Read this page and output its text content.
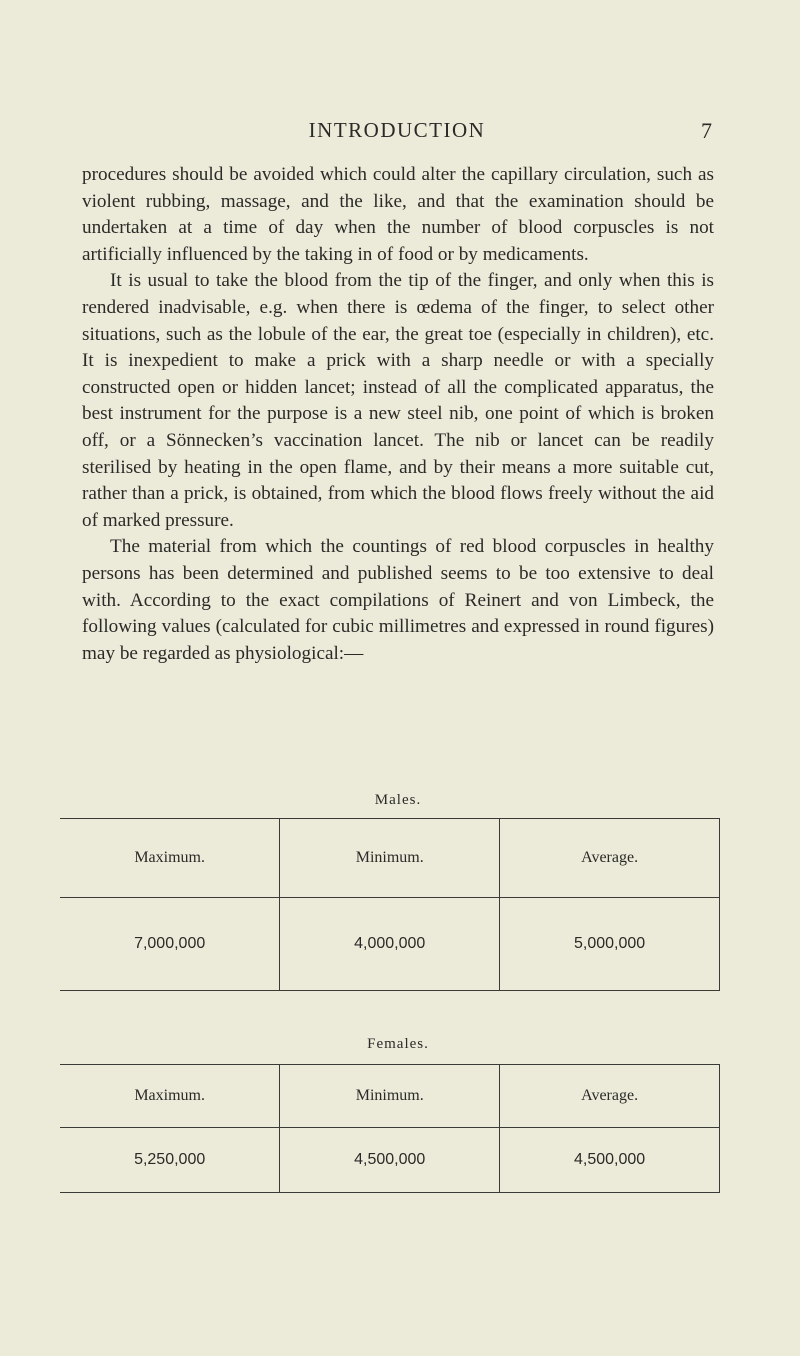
INTRODUCTION	7

procedures should be avoided which could alter the capillary circulation, such as violent rubbing, massage, and the like, and that the examination should be undertaken at a time of day when the number of blood corpuscles is not artificially influenced by the taking in of food or by medicaments.

It is usual to take the blood from the tip of the finger, and only when this is rendered inadvisable, e.g. when there is œdema of the finger, to select other situations, such as the lobule of the ear, the great toe (especially in children), etc. It is inexpedient to make a prick with a sharp needle or with a specially constructed open or hidden lancet; instead of all the complicated apparatus, the best instrument for the purpose is a new steel nib, one point of which is broken off, or a Sönnecken’s vaccination lancet. The nib or lancet can be readily sterilised by heating in the open flame, and by their means a more suitable cut, rather than a prick, is obtained, from which the blood flows freely without the aid of marked pressure.

The material from which the countings of red blood corpuscles in healthy persons has been determined and published seems to be too extensive to deal with. According to the exact compilations of Reinert and von Limbeck, the following values (calculated for cubic millimetres and expressed in round figures) may be regarded as physiological:—

Males.
Maximum.	Minimum.	Average.
7,000,000	4,000,000	5,000,000
Females.
Maximum.	Minimum.	Average.
5,250,000	4,500,000	4,500,000
